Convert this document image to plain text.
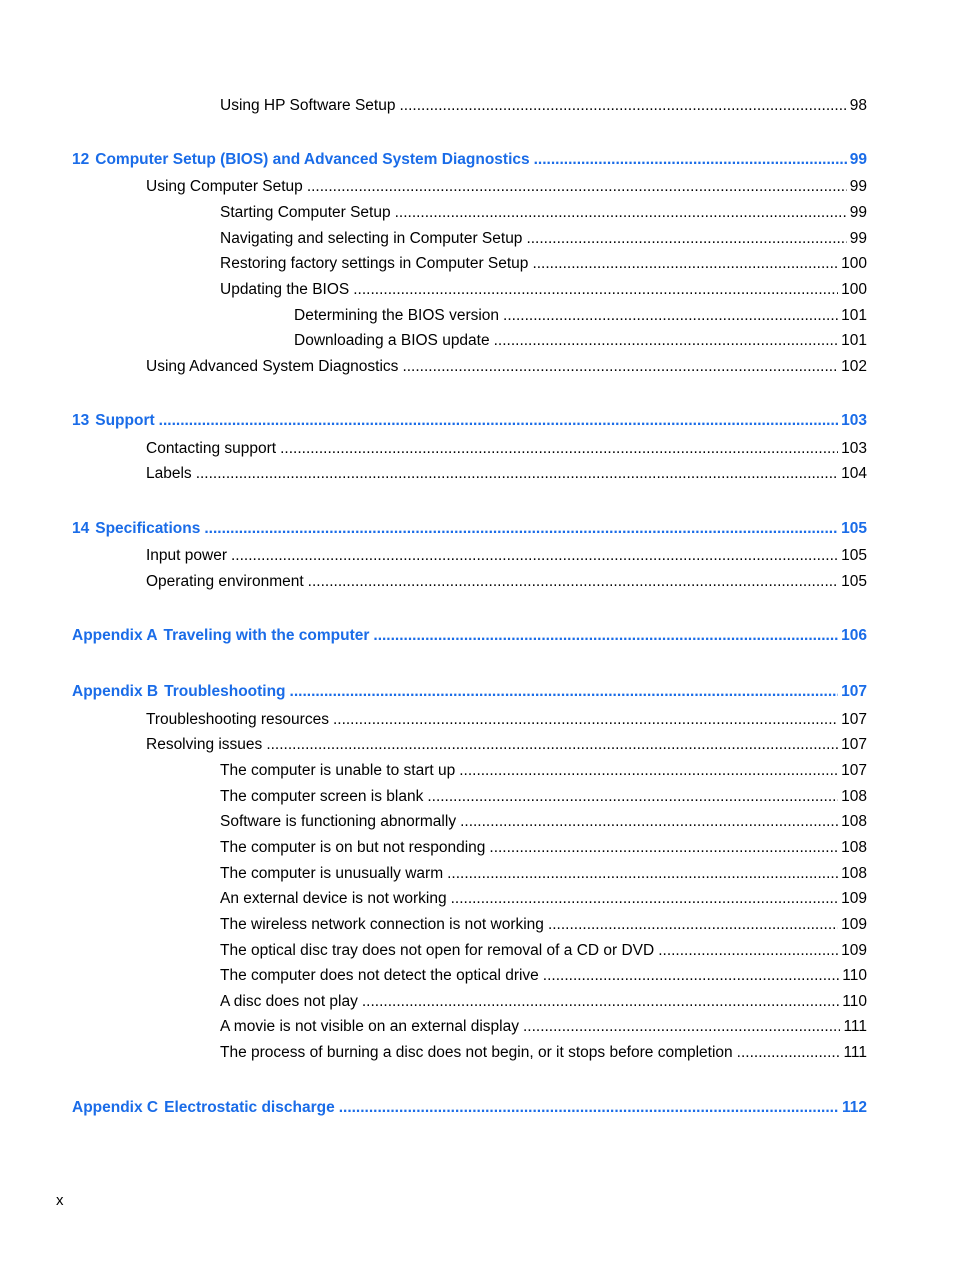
Using HP Software Setup .....	98
12 Computer Setup (BIOS) and Advanced System Diagnostics .....	99
Using Computer Setup .....	99
Starting Computer Setup .....	99
Navigating and selecting in Computer Setup .....	99
Restoring factory settings in Computer Setup .....	100
Updating the BIOS .....	100
Determining the BIOS version .....	101
Downloading a BIOS update .....	101
Using Advanced System Diagnostics .....	102
13 Support .....	103
Contacting support .....	103
Labels .....	104
14 Specifications .....	105
Input power .....	105
Operating environment .....	105
Appendix A Traveling with the computer .....	106
Appendix B Troubleshooting .....	107
Troubleshooting resources .....	107
Resolving issues .....	107
The computer is unable to start up .....	107
The computer screen is blank .....	108
Software is functioning abnormally .....	108
The computer is on but not responding .....	108
The computer is unusually warm .....	108
An external device is not working .....	109
The wireless network connection is not working .....	109
The optical disc tray does not open for removal of a CD or DVD .....	109
The computer does not detect the optical drive .....	110
A disc does not play .....	110
A movie is not visible on an external display .....	111
The process of burning a disc does not begin, or it stops before completion .....	111
Appendix C Electrostatic discharge .....	112
x
